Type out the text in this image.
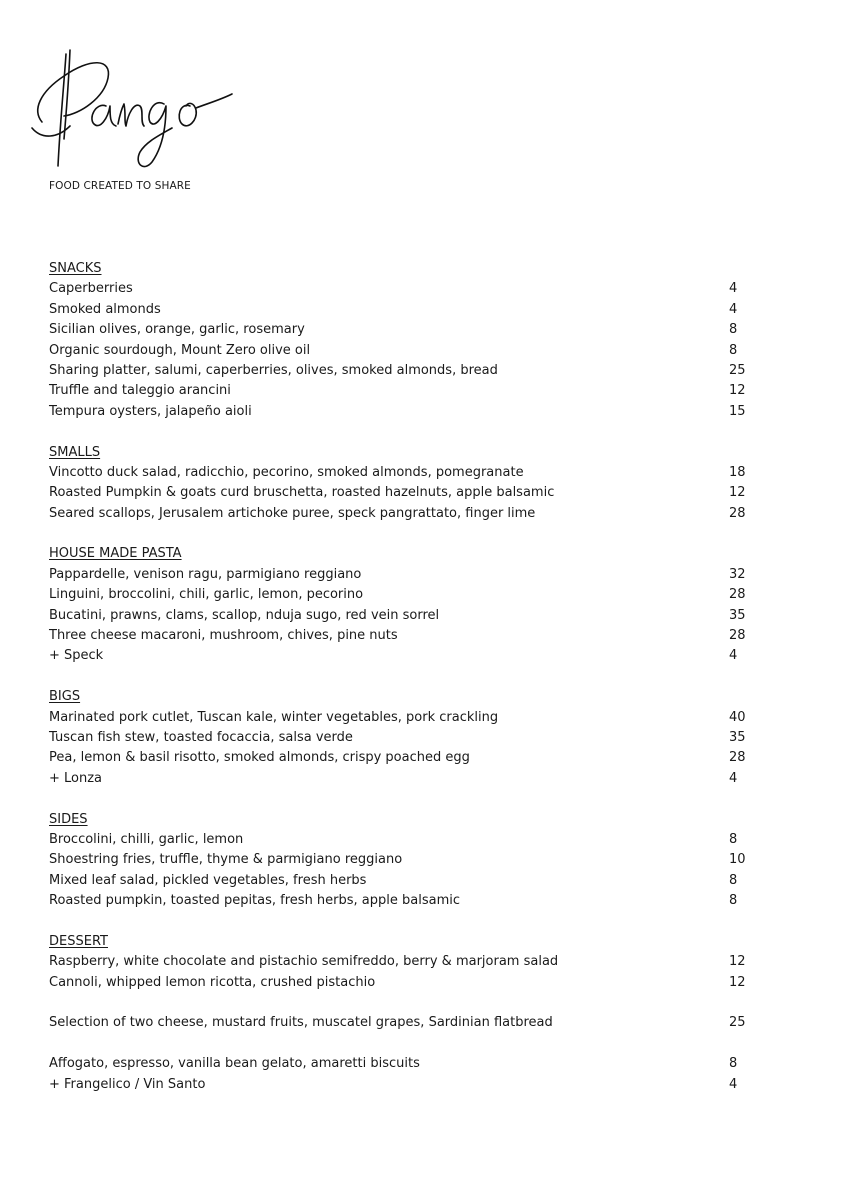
FOOD CREATED TO SHARE
SNACKS
Caperberries	4
Smoked almonds	4
Sicilian olives, orange, garlic, rosemary	8
Organic sourdough, Mount Zero olive oil	8
Sharing platter, salumi, caperberries, olives, smoked almonds, bread	25
Truffle and taleggio arancini	12
Tempura oysters, jalapeño aioli	15
SMALLS
Vincotto duck salad, radicchio, pecorino, smoked almonds, pomegranate	18
Roasted Pumpkin & goats curd bruschetta, roasted hazelnuts, apple balsamic	12
Seared scallops, Jerusalem artichoke puree, speck pangrattato, finger lime	28
HOUSE MADE PASTA
Pappardelle, venison ragu, parmigiano reggiano	32
Linguini, broccolini, chili, garlic, lemon, pecorino	28
Bucatini, prawns, clams, scallop, nduja sugo, red vein sorrel	35
Three cheese macaroni, mushroom, chives, pine nuts	28
+ Speck	4
BIGS
Marinated pork cutlet, Tuscan kale, winter vegetables, pork crackling	40
Tuscan fish stew, toasted focaccia, salsa verde	35
Pea, lemon & basil risotto, smoked almonds, crispy poached egg	28
+ Lonza	4
SIDES
Broccolini, chilli, garlic, lemon	8
Shoestring fries, truffle, thyme & parmigiano reggiano	10
Mixed leaf salad, pickled vegetables, fresh herbs	8
Roasted pumpkin, toasted pepitas, fresh herbs, apple balsamic	8
DESSERT
Raspberry, white chocolate and pistachio semifreddo, berry & marjoram salad	12
Cannoli, whipped lemon ricotta, crushed pistachio	12
Selection of two cheese, mustard fruits, muscatel grapes, Sardinian flatbread	25
Affogato, espresso, vanilla bean gelato, amaretti biscuits	8
+ Frangelico / Vin Santo	4
